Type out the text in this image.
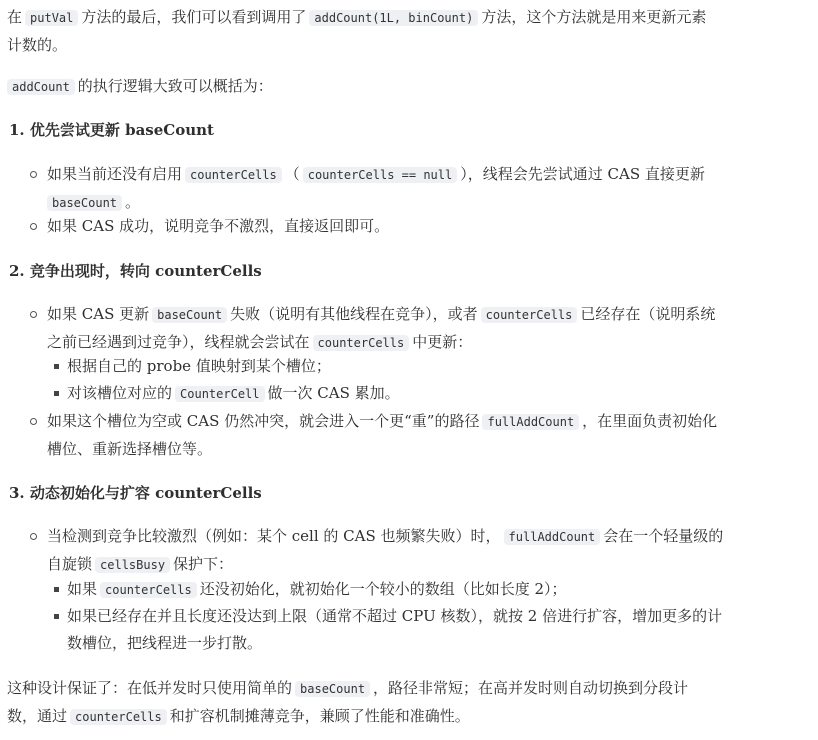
在 putVal 方法的最后，我们可以看到调用了 addCount(1L, binCount) 方法，这个方法就是用来更新元素
计数的。

addCount 的执行逻辑大致可以概括为：

1. 优先尝试更新 baseCount

如果当前还没有启用 counterCells （ counterCells == null ），线程会先尝试通过 CAS 直接更新
baseCount 。

如果 CAS 成功，说明竞争不激烈，直接返回即可。

2. 竞争出现时，转向 counterCells

如果 CAS 更新 baseCount 失败（说明有其他线程在竞争），或者 counterCells 已经存在（说明系统
之前已经遇到过竞争），线程就会尝试在 counterCells 中更新：

根据自己的 probe 值映射到某个槽位；

对该槽位对应的 CounterCell 做一次 CAS 累加。

如果这个槽位为空或 CAS 仍然冲突，就会进入一个更“重”的路径 fullAddCount ，在里面负责初始化
槽位、重新选择槽位等。

3. 动态初始化与扩容 counterCells

当检测到竞争比较激烈（例如：某个 cell 的 CAS 也频繁失败）时， fullAddCount 会在一个轻量级的
自旋锁 cellsBusy 保护下：

如果 counterCells 还没初始化，就初始化一个较小的数组（比如长度 2）；

如果已经存在并且长度还没达到上限（通常不超过 CPU 核数），就按 2 倍进行扩容，增加更多的计
数槽位，把线程进一步打散。

这种设计保证了：在低并发时只使用简单的 baseCount ，路径非常短；在高并发时则自动切换到分段计
数，通过 counterCells 和扩容机制摊薄竞争，兼顾了性能和准确性。
